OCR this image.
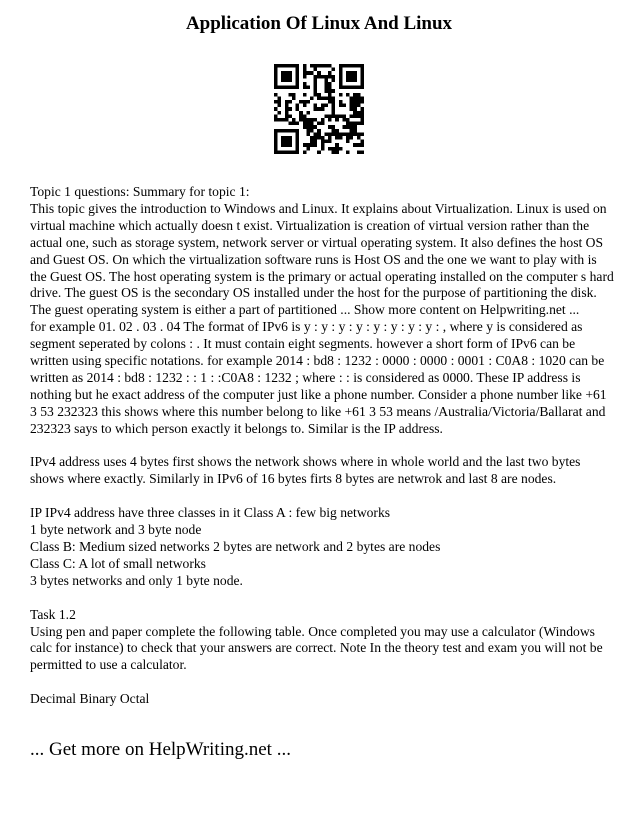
Application Of Linux And Linux

Topic 1 questions: Summary for topic 1:

This topic gives the introduction to Windows and Linux. It explains about Virtualization. Linux is used on virtual machine which actually doesn t exist. Virtualization is creation of virtual version rather than the actual one, such as storage system, network server or virtual operating system. It also defines the host OS and Guest OS. On which the virtualization software runs is Host OS and the one we want to play with is the Guest OS. The host operating system is the primary or actual operating installed on the computer s hard drive. The guest OS is the secondary OS installed under the host for the purpose of partitioning the disk. The guest operating system is either a part of partitioned ... Show more content on Helpwriting.net ...

for example 01. 02 . 03 . 04 The format of IPv6 is y : y : y : y : y : y : y : y : , where y is considered as segment seperated by colons : . It must contain eight segments. however a short form of IPv6 can be written using specific notations. for example 2014 : bd8 : 1232 : 0000 : 0000 : 0001 : C0A8 : 1020 can be written as 2014 : bd8 : 1232 : : 1 : :C0A8 : 1232 ; where : : is considered as 0000. These IP address is nothing but he exact address of the computer just like a phone number. Consider a phone number like +61 3 53 232323 this shows where this number belong to like +61 3 53 means /Australia/Victoria/Ballarat and 232323 says to which person exactly it belongs to. Similar is the IP address.

IPv4 address uses 4 bytes first shows the network shows where in whole world and the last two bytes shows where exactly. Similarly in IPv6 of 16 bytes firts 8 bytes are netwrok and last 8 are nodes.

IP IPv4 address have three classes in it Class A : few big networks

1 byte network and 3 byte node

Class B: Medium sized networks 2 bytes are network and 2 bytes are nodes

Class C: A lot of small networks

3 bytes networks and only 1 byte node.

Task 1.2

Using pen and paper complete the following table. Once completed you may use a calculator (Windows calc for instance) to check that your answers are correct. Note In the theory test and exam you will not be permitted to use a calculator.

Decimal Binary Octal

... Get more on HelpWriting.net ...
